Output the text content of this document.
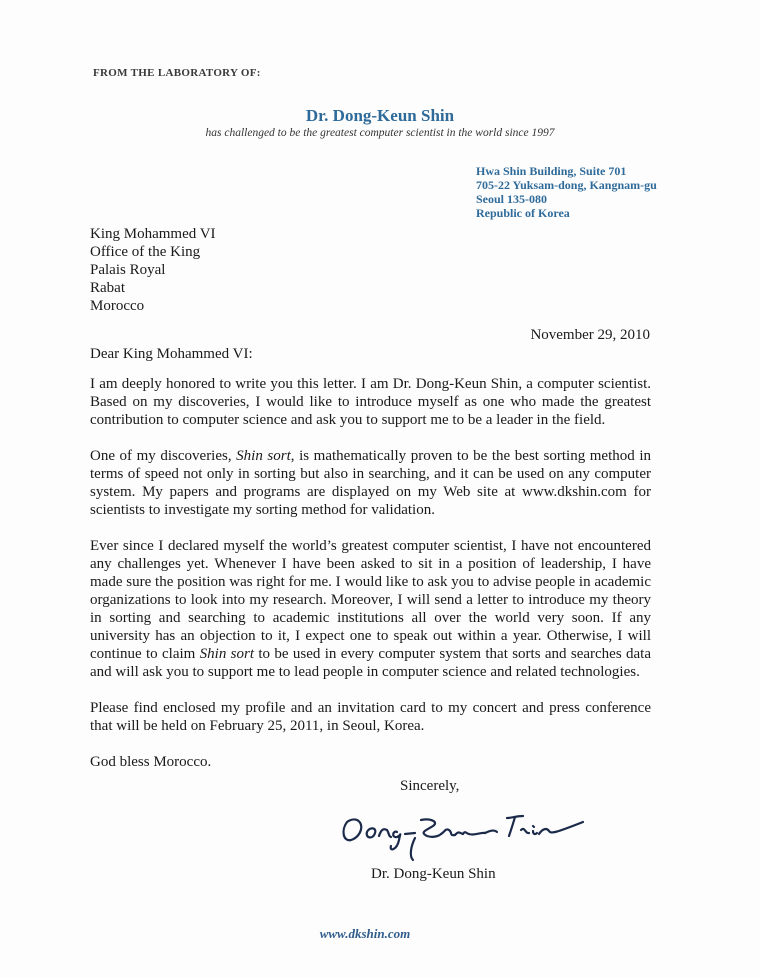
FROM THE LABORATORY OF:
Dr. Dong-Keun Shin
has challenged to be the greatest computer scientist in the world since 1997
Hwa Shin Building, Suite 701
705-22 Yuksam-dong, Kangnam-gu
Seoul 135-080
Republic of Korea
King Mohammed VI
Office of the King
Palais Royal
Rabat
Morocco
November 29, 2010
Dear King Mohammed VI:

I am deeply honored to write you this letter. I am Dr. Dong-Keun Shin, a computer scientist. Based on my discoveries, I would like to introduce myself as one who made the greatest contribution to computer science and ask you to support me to be a leader in the field.

One of my discoveries, Shin sort, is mathematically proven to be the best sorting method in terms of speed not only in sorting but also in searching, and it can be used on any computer system. My papers and programs are displayed on my Web site at www.dkshin.com for scientists to investigate my sorting method for validation.

Ever since I declared myself the world’s greatest computer scientist, I have not encountered any challenges yet. Whenever I have been asked to sit in a position of leadership, I have made sure the position was right for me. I would like to ask you to advise people in academic organizations to look into my research. Moreover, I will send a letter to introduce my theory in sorting and searching to academic institutions all over the world very soon. If any university has an objection to it, I expect one to speak out within a year. Otherwise, I will continue to claim Shin sort to be used in every computer system that sorts and searches data and will ask you to support me to lead people in computer science and related technologies.

Please find enclosed my profile and an invitation card to my concert and press conference that will be held on February 25, 2011, in Seoul, Korea.

God bless Morocco.

Sincerely,
Dr. Dong-Keun Shin
www.dkshin.com
